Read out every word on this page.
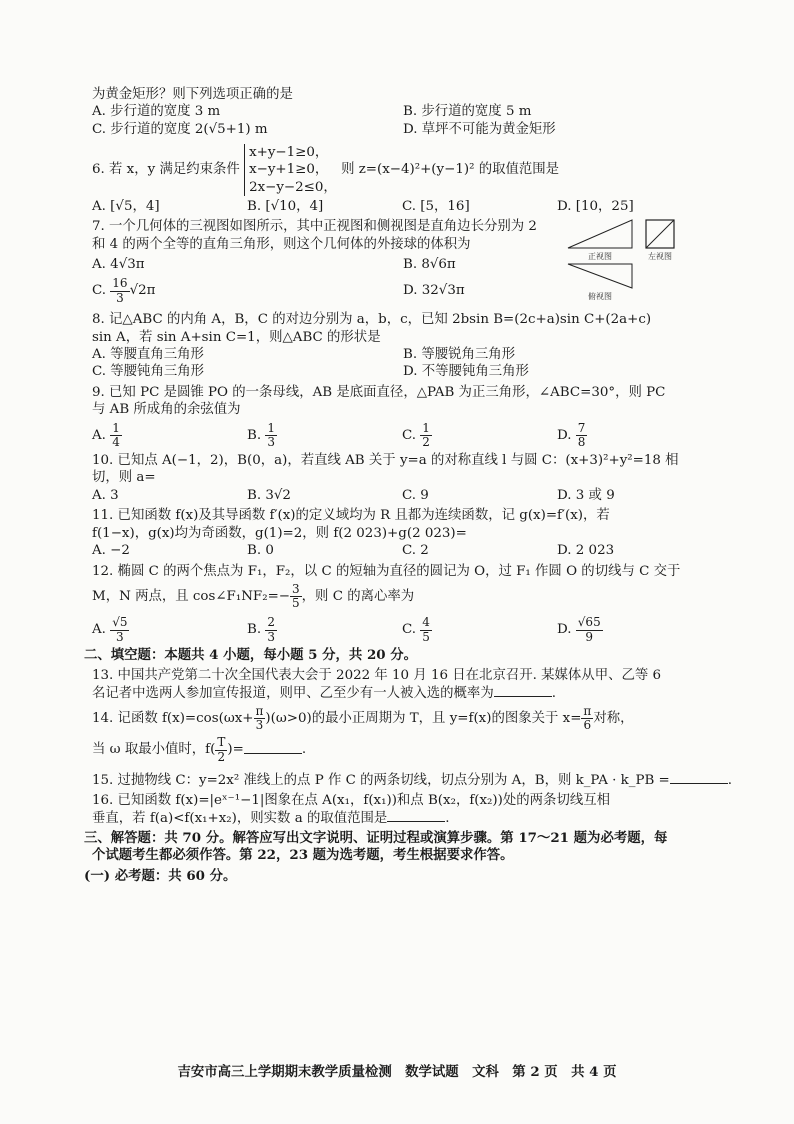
为黄金矩形？则下列选项正确的是
A. 步行道的宽度 3 m	B. 步行道的宽度 5 m
C. 步行道的宽度 2(√5+1) m	D. 草坪不可能为黄金矩形
6. 若 x，y 满足约束条件
x+y−1≥0，
x−y+1≥0，
2x−y−2≤0，
则 z=(x−4)²+(y−1)² 的取值范围是
A. [√5，4]	B. [√10，4]	C. [5，16]	D. [10，25]
7. 一个几何体的三视图如图所示，其中正视图和侧视图是直角边长分别为 2
和 4 的两个全等的直角三角形，则这个几何体的外接球的体积为
A. 4√3π	B. 8√6π
C. $\frac{16}{3} √2\pi$	D. 32√3π
正视图	左视图
俯视图
8. 记△ABC 的内角 A，B，C 的对边分别为 a，b，c，已知 2bsin B=(2c+a)sin C+(2a+c)
sin A，若 sin A+sin C=1，则△ABC 的形状是
A. 等腰直角三角形	B. 等腰锐角三角形
C. 等腰钝角三角形	D. 不等腰钝角三角形
9. 已知 PC 是圆锥 PO 的一条母线，AB 是底面直径，△PAB 为正三角形，∠ABC=30°，则 PC
与 AB 所成角的余弦值为
A. $\frac{1}{4}$	B. $\frac{1}{3}$	C. $\frac{1}{2}$	D. $\frac{7}{8}$
10. 已知点 A(−1，2)，B(0，a)，若直线 AB 关于 y=a 的对称直线 l 与圆 C：(x+3)²+y²=18 相
切，则 a=
A. 3	B. 3√2	C. 9	D. 3 或 9
11. 已知函数 f(x)及其导函数 f′(x)的定义域均为 R 且都为连续函数，记 g(x)=f′(x)，若
f(1−x)，g(x)均为奇函数，g(1)=2，则 f(2 023)+g(2 023)=
A. −2	B. 0	C. 2	D. 2 023
12. 椭圆 C 的两个焦点为 F₁，F₂，以 C 的短轴为直径的圆记为 O，过 F₁ 作圆 O 的切线与 C 交于
M，N 两点，且 cos∠F₁NF₂=− $\frac{3}{5}$ ，则 C 的离心率为
A. $\frac{√5}{3}$	B. $\frac{2}{3}$	C. $\frac{4}{5}$	D. $\frac{√65}{9}$
二、填空题：本题共 4 小题，每小题 5 分，共 20 分。
13. 中国共产党第二十次全国代表大会于 2022 年 10 月 16 日在北京召开. 某媒体从甲、乙等 6
名记者中选两人参加宣传报道，则甲、乙至少有一人被入选的概率为	.
14. 记函数 $f(x)=\cos(\omega x+ \frac{\pi}{3} )(\omega>0)$的最小正周期为 T，且 y=f(x)的图象关于 $x= \frac{\pi}{6}$ 对称，
当 ω 取最小值时，$f( \frac{T}{2}$ )=	.
15. 过抛物线 C：y=2x² 准线上的点 P 作 C 的两条切线，切点分别为 A，B，则 k_PA · k_PB =	.
16. 已知函数 f(x)=|eˣ⁻¹−1|图象在点 A(x₁，f(x₁))和点 B(x₂，f(x₂))处的两条切线互相
垂直，若 f(a)<f(x₁+x₂)，则实数 a 的取值范围是	.
三、解答题：共 70 分。解答应写出文字说明、证明过程或演算步骤。第 17～21 题为必考题，每
个试题考生都必须作答。第 22，23 题为选考题，考生根据要求作答。
(一) 必考题：共 60 分。
吉安市高三上学期期末教学质量检测　数学试题　文科　第 2 页　共 4 页
